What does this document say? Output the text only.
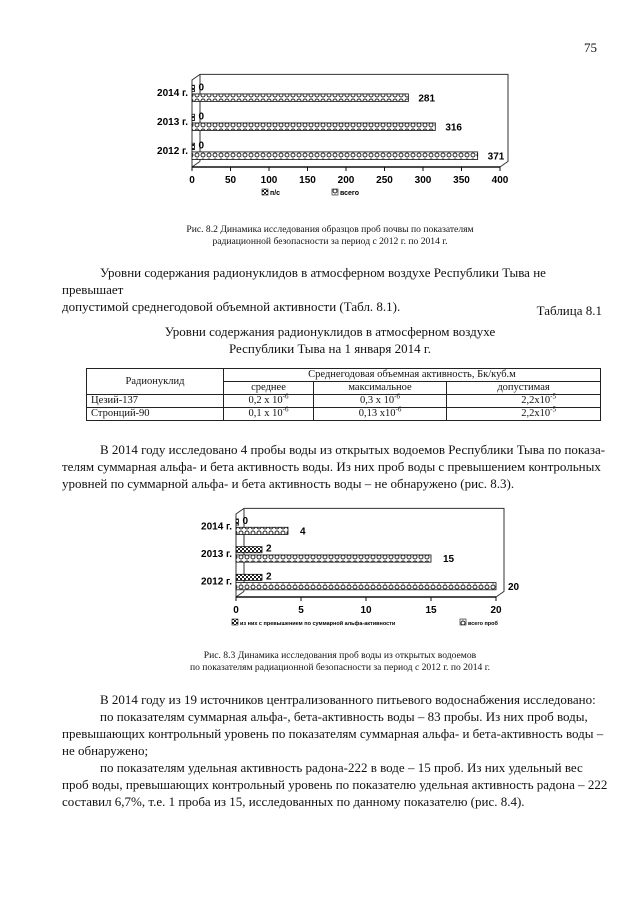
75
0	50 100 150 200 250 300 350 400
2014 г. 0
281
2013 г. 0
316
2012 г. 0
371
п/с	всего
Рис. 8.2 Динамика исследования образцов проб почвы по показателям
радиационной безопасности за период с 2012 г. по 2014 г.
Уровни содержания радионуклидов в атмосферном воздухе Республики Тыва не превышает
допустимой среднегодовой объемной активности (Табл. 8.1).	Таблица 8.1
Уровни содержания радионуклидов в атмосферном воздухе
Республики Тыва на 1 января 2014 г.
Радионуклид	Среднегодовая объемная активность, Бк/куб.м		
	среднее	максимальное	допустимая
Цезий-137	0,2 x $10^{-6}$	0,3 x $10^{-6}$	$2,2x10^{-5}$
Стронций-90	0,1 x $10^{-6}$	0,13 $x10^{-6}$	$2,2x10^{-5}$
В 2014 году исследовано 4 пробы воды из открытых водоемов Республики Тыва по показа-
телям суммарная альфа- и бета активность воды. Из них проб воды с превышением контрольных
уровней по суммарной альфа- и бета активность воды – не обнаружено (рис. 8.3).
0	5	10	15	20
2014 г. 0
4
2013 г.	2
15
2012 г.	2
20
из них с превышением по суммарной альфа-активности	всего проб
Рис. 8.3 Динамика исследования проб воды из открытых водоемов
по показателям радиационной безопасности за период с 2012 г. по 2014 г.
В 2014 году из 19 источников централизованного питьевого водоснабжения исследовано:
по показателям суммарная альфа-, бета-активность воды – 83 пробы. Из них проб воды,
превышающих контрольный уровень по показателям суммарная альфа- и бета-активность воды –
не обнаружено;
по показателям удельная активность радона-222 в воде – 15 проб. Из них удельный вес
проб воды, превышающих контрольный уровень по показателю удельная активность радона – 222
составил 6,7%, т.е. 1 проба из 15, исследованных по данному показателю (рис. 8.4).
